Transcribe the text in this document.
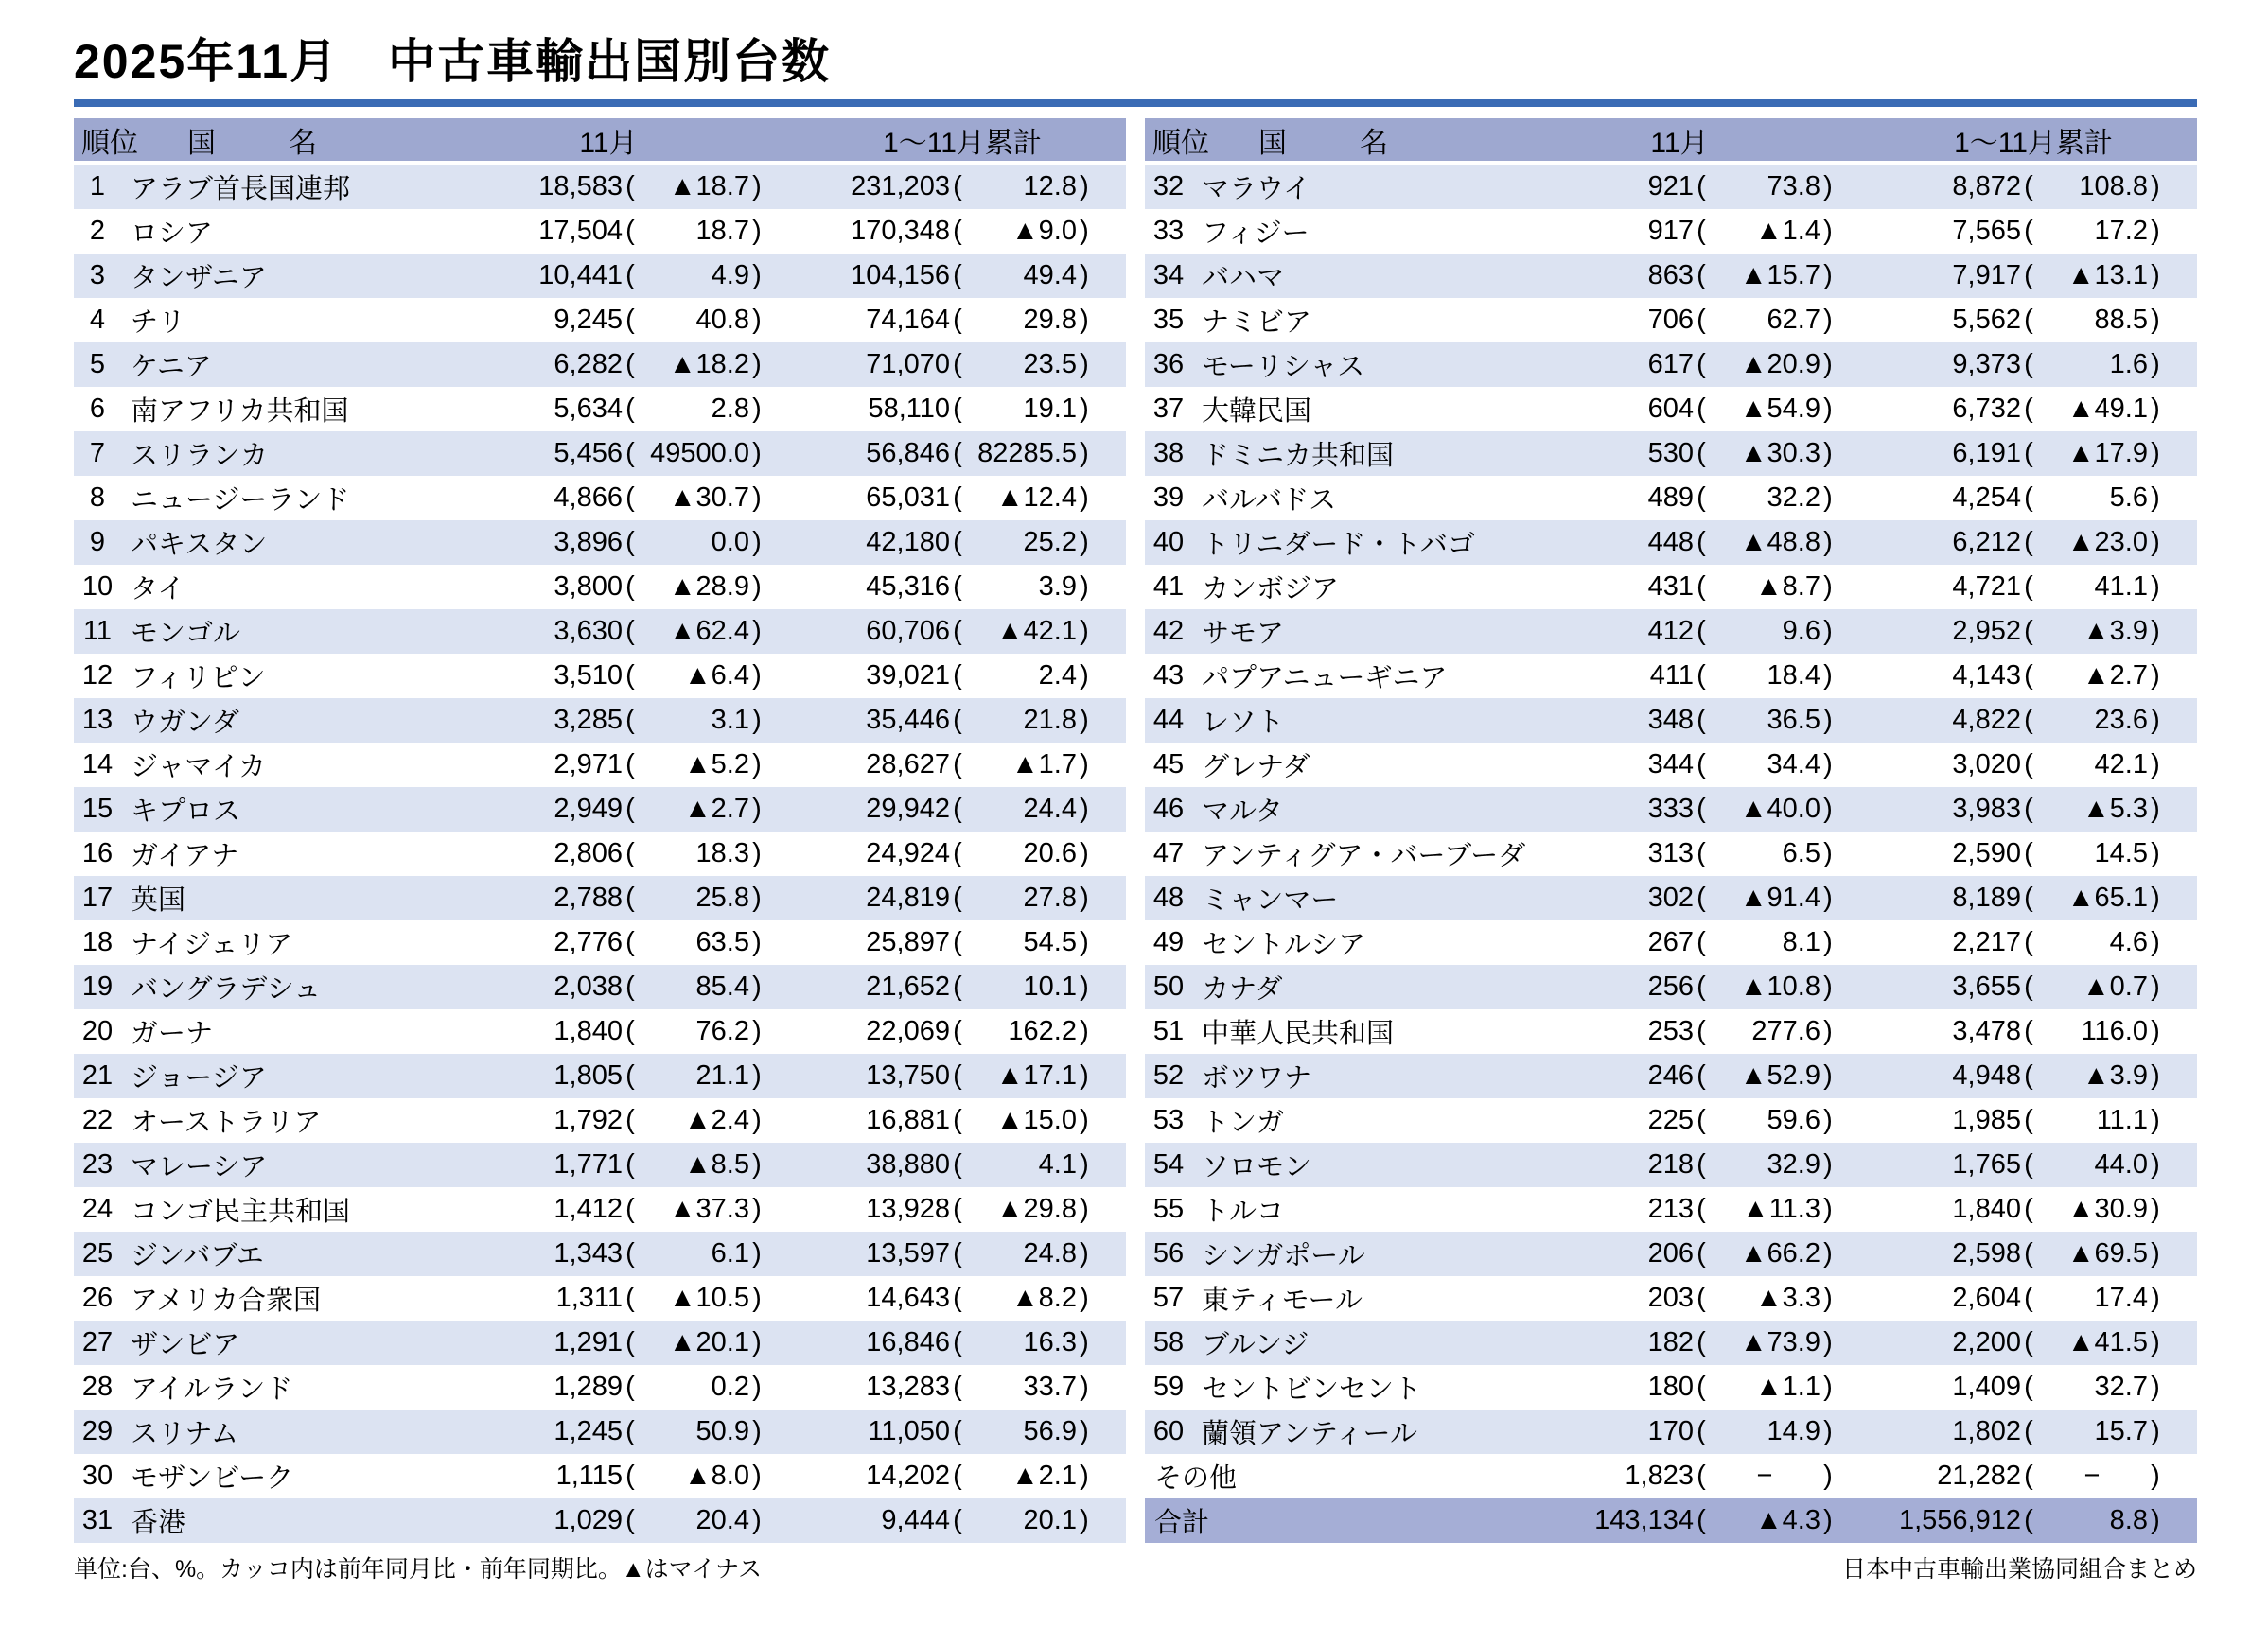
2025年11月　中古車輸出国別台数
順位	国名	11月	1〜11月累計
1 アラブ首長国連邦	18,583 (	▲18.7 )	231,203 (	12.8 )
2 ロシア	17,504 (	18.7 )	170,348 (	▲9.0 )
3 タンザニア	10,441 (	4.9 )	104,156 (	49.4 )
4 チリ	9,245 (	40.8 )	74,164 (	29.8 )
5 ケニア	6,282 (	▲18.2 )	71,070 (	23.5 )
6 南アフリカ共和国	5,634 (	2.8 )	58,110 (	19.1 )
7 スリランカ	5,456 ( 49500.0 )	56,846 ( 82285.5 )
8 ニュージーランド	4,866 (	▲30.7 )	65,031 (	▲12.4 )
9 パキスタン	3,896 (	0.0 )	42,180 (	25.2 )
10 タイ	3,800 (	▲28.9 )	45,316 (	3.9 )
11 モンゴル	3,630 (	▲62.4 )	60,706 (	▲42.1 )
12 フィリピン	3,510 (	▲6.4 )	39,021 (	2.4 )
13 ウガンダ	3,285 (	3.1 )	35,446 (	21.8 )
14 ジャマイカ	2,971 (	▲5.2 )	28,627 (	▲1.7 )
15 キプロス	2,949 (	▲2.7 )	29,942 (	24.4 )
16 ガイアナ	2,806 (	18.3 )	24,924 (	20.6 )
17 英国	2,788 (	25.8 )	24,819 (	27.8 )
18 ナイジェリア	2,776 (	63.5 )	25,897 (	54.5 )
19 バングラデシュ	2,038 (	85.4 )	21,652 (	10.1 )
20 ガーナ	1,840 (	76.2 )	22,069 (	162.2 )
21 ジョージア	1,805 (	21.1 )	13,750 (	▲17.1 )
22 オーストラリア	1,792 (	▲2.4 )	16,881 (	▲15.0 )
23 マレーシア	1,771 (	▲8.5 )	38,880 (	4.1 )
24 コンゴ民主共和国	1,412 (	▲37.3 )	13,928 (	▲29.8 )
25 ジンバブエ	1,343 (	6.1 )	13,597 (	24.8 )
26 アメリカ合衆国	1,311 (	▲10.5 )	14,643 (	▲8.2 )
27 ザンビア	1,291 (	▲20.1 )	16,846 (	16.3 )
28 アイルランド	1,289 (	0.2 )	13,283 (	33.7 )
29 スリナム	1,245 (	50.9 )	11,050 (	56.9 )
30 モザンビーク	1,115 (	▲8.0 )	14,202 (	▲2.1 )
31 香港	1,029 (	20.4 )	9,444 (	20.1 )
順位	国名	11月	1〜11月累計
32 マラウイ	921 (	73.8 )	8,872 (	108.8 )
33 フィジー	917 (	▲1.4 )	7,565 (	17.2 )
34 バハマ	863 (	▲15.7 )	7,917 (	▲13.1 )
35 ナミビア	706 (	62.7 )	5,562 (	88.5 )
36 モーリシャス	617 (	▲20.9 )	9,373 (	1.6 )
37 大韓民国	604 (	▲54.9 )	6,732 (	▲49.1 )
38 ドミニカ共和国	530 (	▲30.3 )	6,191 (	▲17.9 )
39 バルバドス	489 (	32.2 )	4,254 (	5.6 )
40 トリニダード・トバゴ	448 (	▲48.8 )	6,212 (	▲23.0 )
41 カンボジア	431 (	▲8.7 )	4,721 (	41.1 )
42 サモア	412 (	9.6 )	2,952 (	▲3.9 )
43 パプアニューギニア	411 (	18.4 )	4,143 (	▲2.7 )
44 レソト	348 (	36.5 )	4,822 (	23.6 )
45 グレナダ	344 (	34.4 )	3,020 (	42.1 )
46 マルタ	333 (	▲40.0 )	3,983 (	▲5.3 )
47 アンティグア・バーブーダ	313 (	6.5 )	2,590 (	14.5 )
48 ミャンマー	302 (	▲91.4 )	8,189 (	▲65.1 )
49 セントルシア	267 (	8.1 )	2,217 (	4.6 )
50 カナダ	256 (	▲10.8 )	3,655 (	▲0.7 )
51 中華人民共和国	253 (	277.6 )	3,478 (	116.0 )
52 ボツワナ	246 (	▲52.9 )	4,948 (	▲3.9 )
53 トンガ	225 (	59.6 )	1,985 (	11.1 )
54 ソロモン	218 (	32.9 )	1,765 (	44.0 )
55 トルコ	213 (	▲11.3 )	1,840 (	▲30.9 )
56 シンガポール	206 (	▲66.2 )	2,598 (	▲69.5 )
57 東ティモール	203 (	▲3.3 )	2,604 (	17.4 )
58 ブルンジ	182 (	▲73.9 )	2,200 (	▲41.5 )
59 セントビンセント	180 (	▲1.1 )	1,409 (	32.7 )
60 蘭領アンティール	170 (	14.9 )	1,802 (	15.7 )
その他	1,823 (	−	)	21,282 (	−	)
合計	143,134 (	▲4.3 )	1,556,912 (	8.8 )
単位:台、%。カッコ内は前年同月比・前年同期比。▲はマイナス	日本中古車輸出業協同組合まとめ
